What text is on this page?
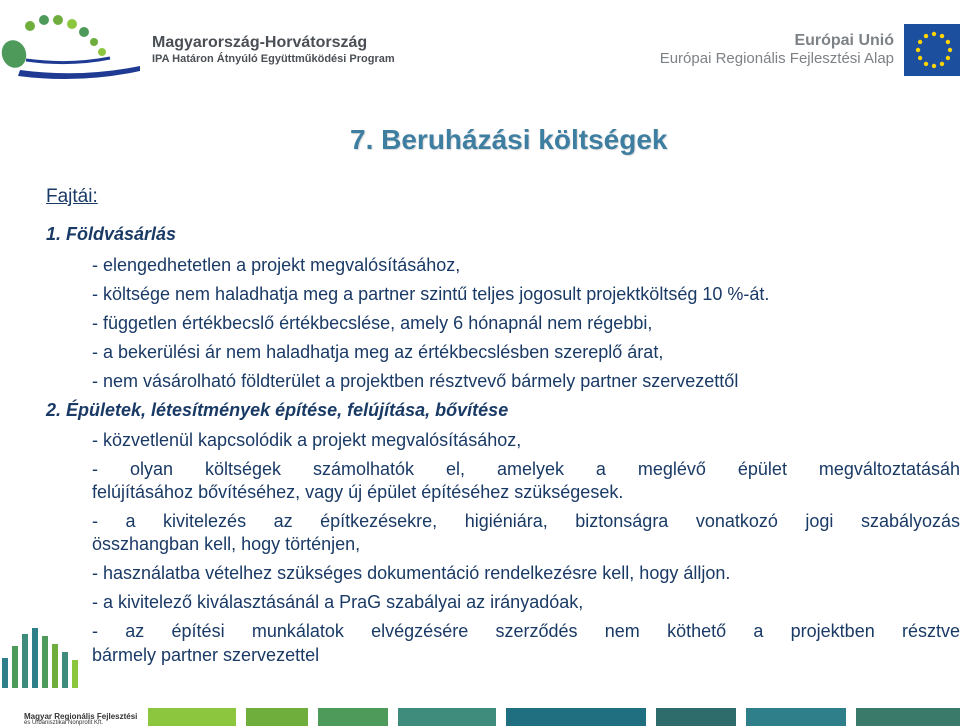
Magyarország-Horvátország
IPA Határon Átnyúló Együttműködési Program
Európai Unió
Európai Regionális Fejlesztési Alap
7. Beruházási költségek
Fajtái:
1. Földvásárlás
- elengedhetetlen a projekt megvalósításához,
- költsége nem haladhatja meg a partner szintű teljes jogosult projektköltség 10 %-át.
- független értékbecslő értékbecslése, amely 6 hónapnál nem régebbi,
- a bekerülési ár nem haladhatja meg az értékbecslésben szereplő árat,
- nem vásárolható földterület a projektben résztvevő bármely partner szervezettől
2. Épületek, létesítmények építése, felújítása, bővítése
- közvetlenül kapcsolódik a projekt megvalósításához,
- olyan költségek számolhatók el, amelyek a meglévő épület megváltoztatásáh
felújításához bővítéséhez, vagy új épület építéséhez szükségesek.
- a kivitelezés az építkezésekre, higiéniára, biztonságra vonatkozó jogi szabályozás
összhangban kell, hogy történjen,
- használatba vételhez szükséges dokumentáció rendelkezésre kell, hogy álljon.
- a kivitelező kiválasztásánál a PraG szabályai az irányadóak,
- az építési munkálatok elvégzésére szerződés nem köthető a projektben résztve
bármely partner szervezettel
Magyar Regionális Fejlesztési
és Urbanisztikai Nonprofit Kft.
